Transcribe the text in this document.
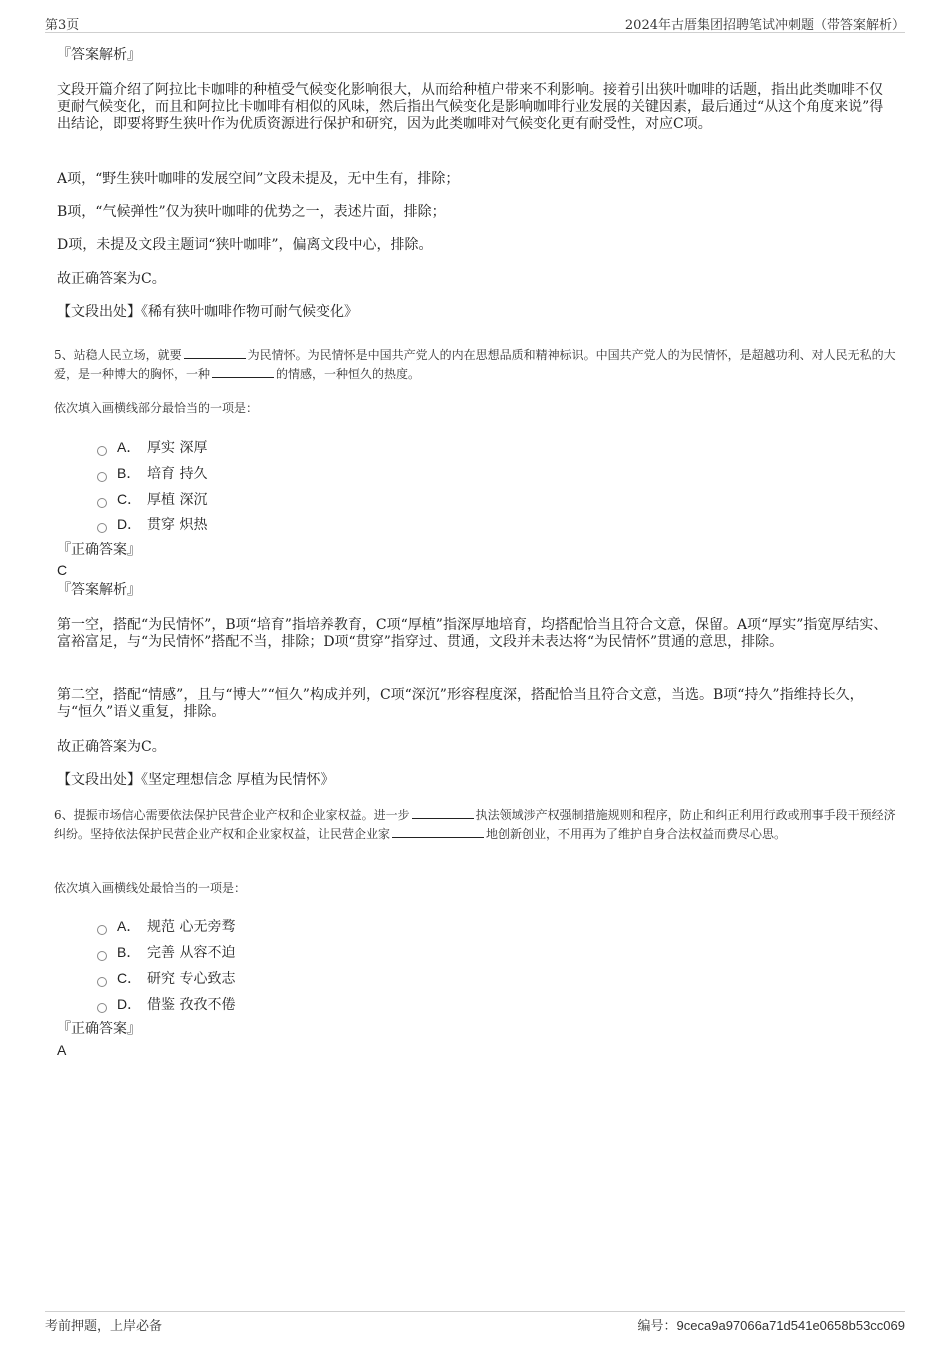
第3页	2024年古厝集团招聘笔试冲刺题（带答案解析）

『答案解析』

文段开篇介绍了阿拉比卡咖啡的种植受气候变化影响很大，从而给种植户带来不利影响。接着引出狭叶咖啡的话题，指出此类咖啡不仅更耐气候变化，而且和阿拉比卡咖啡有相似的风味，然后指出气候变化是影响咖啡行业发展的关键因素，最后通过“从这个角度来说”得出结论，即要将野生狭叶作为优质资源进行保护和研究，因为此类咖啡对气候变化更有耐受性，对应C项。

A项，“野生狭叶咖啡的发展空间”文段未提及，无中生有，排除；

B项，“气候弹性”仅为狭叶咖啡的优势之一，表述片面，排除；

D项，未提及文段主题词“狭叶咖啡”，偏离文段中心，排除。

故正确答案为C。

【文段出处】《稀有狭叶咖啡作物可耐气候变化》

5、站稳人民立场，就要	为民情怀。为民情怀是中国共产党人的内在思想品质和精神标识。中国共产党人的为民情怀，是超越功利、对人民无私的大爱，是一种博大的胸怀，一种	的情感，一种恒久的热度。

依次填入画横线部分最恰当的一项是：

A． 厚实 深厚
B． 培育 持久
C． 厚植 深沉
D． 贯穿 炽热

『正确答案』

C

『答案解析』

第一空，搭配“为民情怀”，B项“培育”指培养教育，C项“厚植”指深厚地培育，均搭配恰当且符合文意，保留。A项“厚实”指宽厚结实、富裕富足，与“为民情怀”搭配不当，排除；D项“贯穿”指穿过、贯通，文段并未表达将“为民情怀”贯通的意思，排除。

第二空，搭配“情感”，且与“博大”“恒久”构成并列，C项“深沉”形容程度深，搭配恰当且符合文意，当选。B项“持久”指维持长久，与“恒久”语义重复，排除。

故正确答案为C。

【文段出处】《坚定理想信念 厚植为民情怀》

6、提振市场信心需要依法保护民营企业产权和企业家权益。进一步	执法领域涉产权强制措施规则和程序，防止和纠正利用行政或刑事手段干预经济纠纷。坚持依法保护民营企业产权和企业家权益，让民营企业家	地创新创业，不用再为了维护自身合法权益而费尽心思。

依次填入画横线处最恰当的一项是：

A． 规范 心无旁骛
B． 完善 从容不迫
C． 研究 专心致志
D． 借鉴 孜孜不倦

『正确答案』

A

考前押题，上岸必备	编号：9ceca9a97066a71d541e0658b53cc069
